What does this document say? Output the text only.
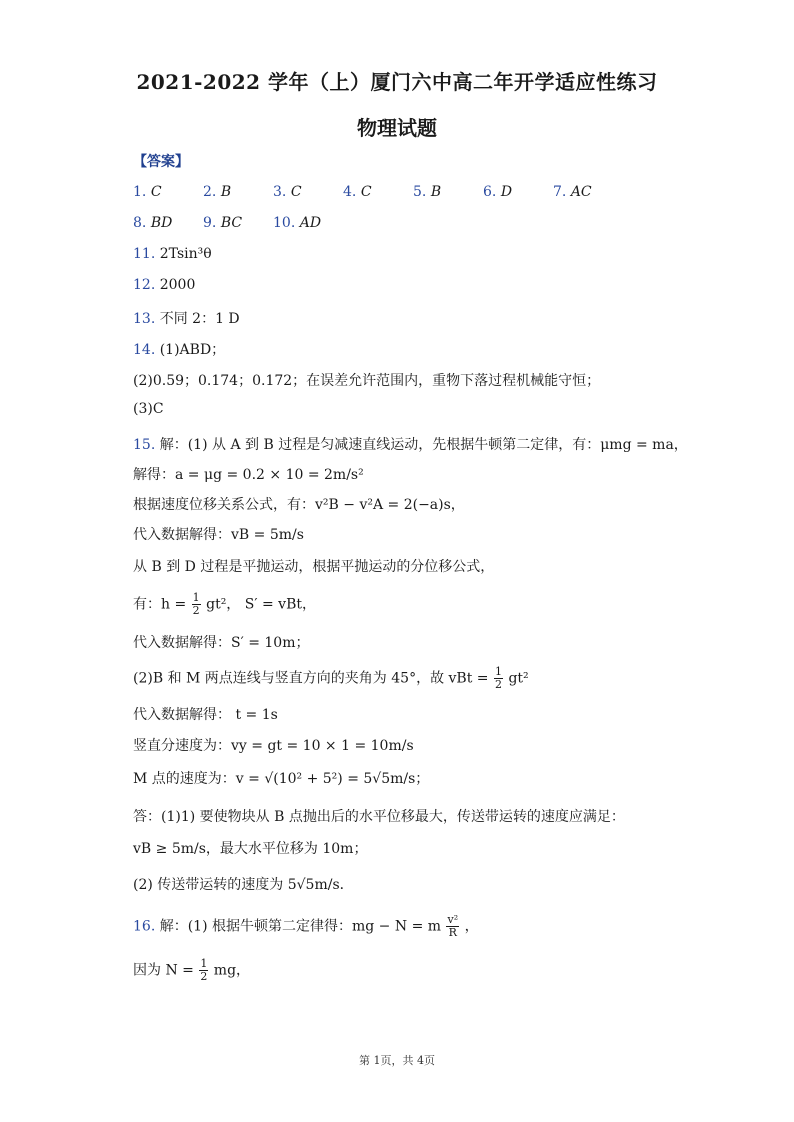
2021-2022 学年（上）厦门六中高二年开学适应性练习
物理试题
【答案】
1. C	2. B	3. C	4. C	5. B	6. D	7. AC
8. BD 9. BC 10. AD
11. 2Tsin³θ
12. 2000
13. 不同 2：1 D
14. (1)ABD；
(2)0.59；0.174；0.172；在误差允许范围内，重物下落过程机械能守恒；
(3)C
15. 解：(1) 从 A 到 B 过程是匀减速直线运动，先根据牛顿第二定律，有：μmg = ma，
解得：a = μg = 0.2 × 10 = 2m/s²
根据速度位移关系公式，有：v²B − v²A = 2(−a)s，
代入数据解得：vB = 5m/s
从 B 到 D 过程是平抛运动，根据平抛运动的分位移公式，
有：$h = \frac{1}{2} gt^2$， S′ = vBt，
代入数据解得：S′ = 10m；
(2)B 和 M 两点连线与竖直方向的夹角为 45°，故 vBt = $\frac{1}{2} gt^2$
代入数据解得： t = 1s
竖直分速度为：vy = gt = 10 × 1 = 10m/s
M 点的速度为：v = √(10² + 5²) = 5√5m/s；
答：(1)1) 要使物块从 B 点抛出后的水平位移最大，传送带运转的速度应满足：
vB ≥ 5m/s，最大水平位移为 10m；
(2) 传送带运转的速度为 5√5m/s．
16. 解：(1) 根据牛顿第二定律得：mg − N = m $\frac{\text{v²}}{R}$ ，
因为 $N = \frac{1}{2}$ mg，
第 1页，共 4页
